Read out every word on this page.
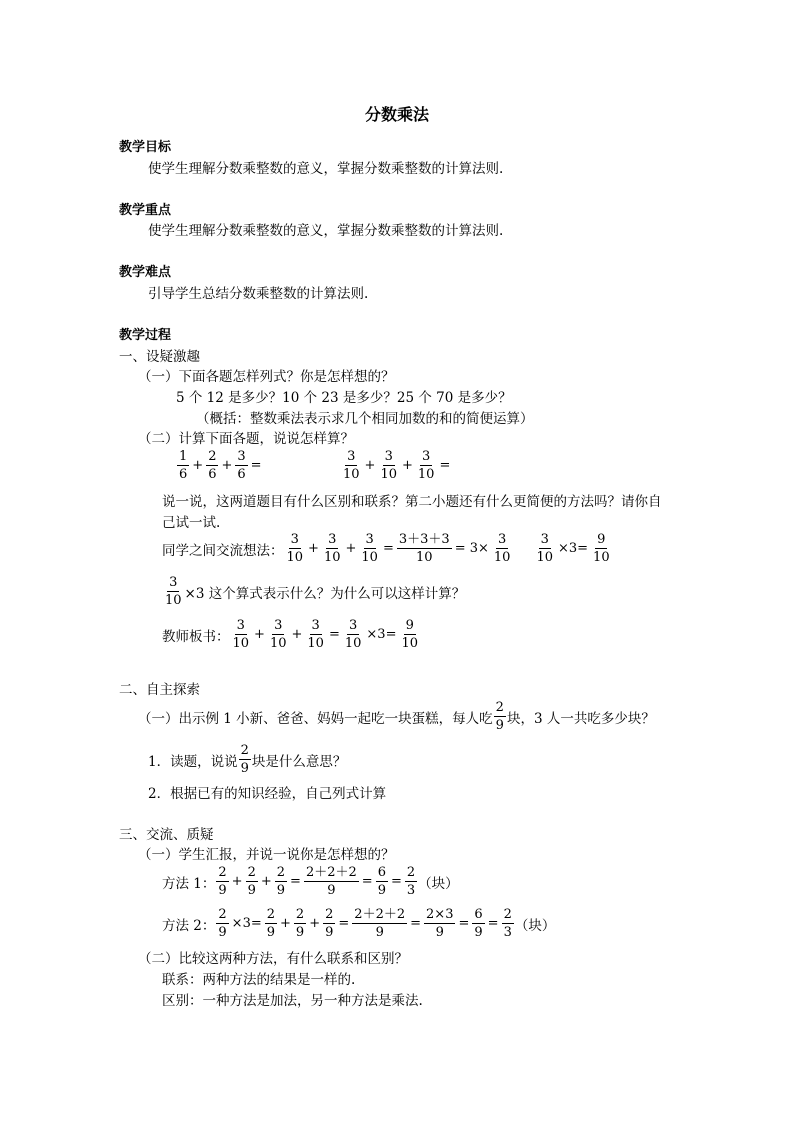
分数乘法
教学目标
使学生理解分数乘整数的意义，掌握分数乘整数的计算法则.
教学重点
使学生理解分数乘整数的意义，掌握分数乘整数的计算法则.
教学难点
引导学生总结分数乘整数的计算法则.
教学过程
一、设疑激趣
（一）下面各题怎样列式？你是怎样想的？
5 个 12 是多少？10 个 23 是多少？25 个 70 是多少？
（概括：整数乘法表示求几个相同加数的和的简便运算）
（二）计算下面各题，说说怎样算？
$\frac{1}{6} + \frac{2}{6} + \frac{3}{6}$ =	$\frac{3}{10} + \frac{3}{10} + \frac{3}{10}$ =
说一说，这两道题目有什么区别和联系？第二小题还有什么更简便的方法吗？请你自
己试一试.
同学之间交流想法： $\frac{3}{10} + \frac{3}{10} + \frac{3}{10} = \frac{3+3+3}{10} = 3\times \frac{3}{10} \frac{3}{10} \times 3= \frac{9}{10}$
$\frac{3}{10} \times 3$ 这个算式表示什么？为什么可以这样计算？
教师板书： $\frac{3}{10} + \frac{3}{10} + \frac{3}{10} = \frac{3}{10} \times 3= \frac{9}{10}$
二、自主探索
（一）出示例 1 小新、爸爸、妈妈一起吃一块蛋糕，每人吃 $\frac{2}{9}$ 块，3 人一共吃多少块？
1．读题，说说 $\frac{2}{9}$ 块是什么意思？
2．根据已有的知识经验，自己列式计算
三、交流、质疑
（一）学生汇报，并说一说你是怎样想的？
方法 1： $\frac{2}{9} + \frac{2}{9} + \frac{2}{9} = \frac{2+2+2}{9} = \frac{6}{9} = \frac{2}{3}$ （块）
方法 2： $\frac{2}{9} \times 3= \frac{2}{9} + \frac{2}{9} + \frac{2}{9} = \frac{2+2+2}{9} = \frac{2\times 3}{9} = \frac{6}{9} = \frac{2}{3}$ （块）
（二）比较这两种方法，有什么联系和区别？
联系：两种方法的结果是一样的.
区别：一种方法是加法，另一种方法是乘法.
